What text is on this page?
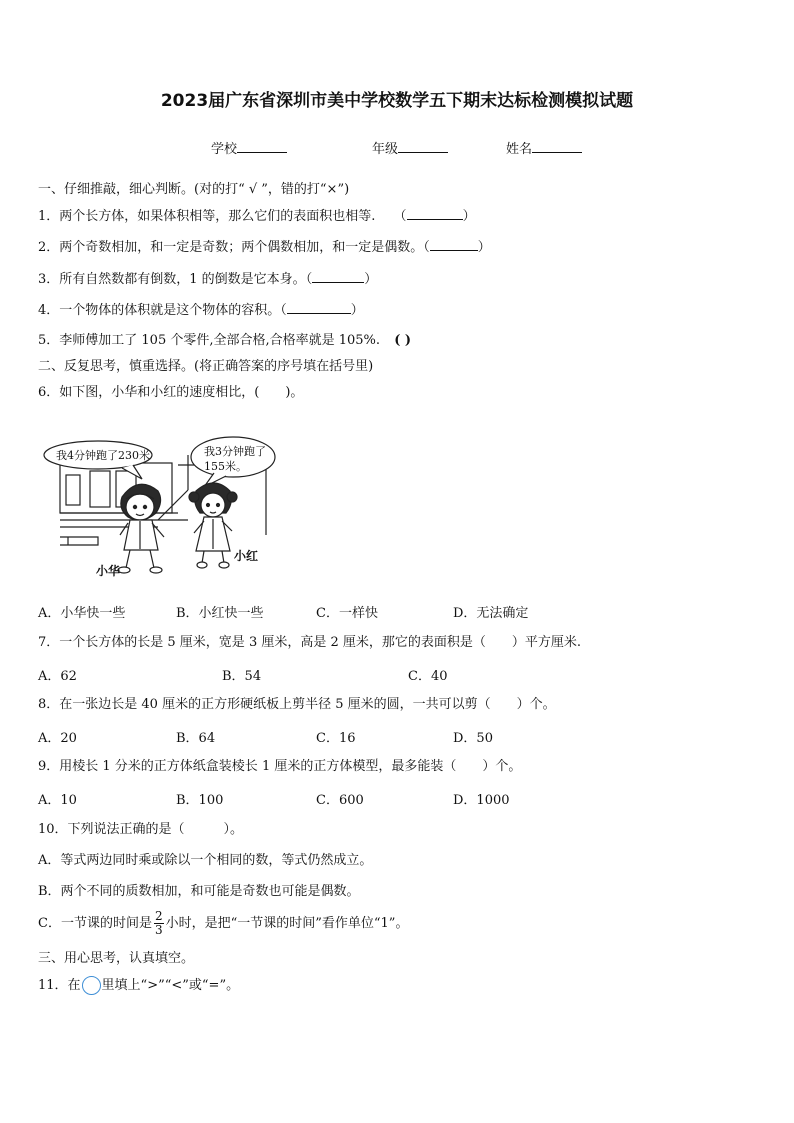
2023届广东省深圳市美中学校数学五下期末达标检测模拟试题
学校	年级	姓名
一、仔细推敲，细心判断。(对的打“ √ ”，错的打“×”)
1．两个长方体，如果体积相等，那么它们的表面积也相等. （	）
2．两个奇数相加，和一定是奇数；两个偶数相加，和一定是偶数。（	）
3．所有自然数都有倒数，1 的倒数是它本身。（	）
4．一个物体的体积就是这个物体的容积。（	）
5．李师傅加工了 105 个零件,全部合格,合格率就是 105%. ( )
二、反复思考，慎重选择。(将正确答案的序号填在括号里)
6．如下图，小华和小红的速度相比，(　　)。
我4分钟跑了230米	我3分钟跑了
155米。
小华
小红
A．小华快一些	B．小红快一些	C．一样快	D．无法确定
7．一个长方体的长是 5 厘米，宽是 3 厘米，高是 2 厘米，那它的表面积是（　　）平方厘米.
A．62	B．54	C．40
8．在一张边长是 40 厘米的正方形硬纸板上剪半径 5 厘米的圆，一共可以剪（　　）个。
A．20	B．64	C．16	D．50
9．用棱长 1 分米的正方体纸盒装棱长 1 厘米的正方体模型，最多能装（　　）个。
A．10	B．100	C．600	D．1000
10．下列说法正确的是（　　　）。
A．等式两边同时乘或除以一个相同的数，等式仍然成立。
B．两个不同的质数相加，和可能是奇数也可能是偶数。
C．一节课的时间是 $\frac{2}{3}$ 小时，是把“一节课的时间”看作单位“1”。
三、用心思考，认真填空。
11．在 里填上“>”“<”或“=”。
